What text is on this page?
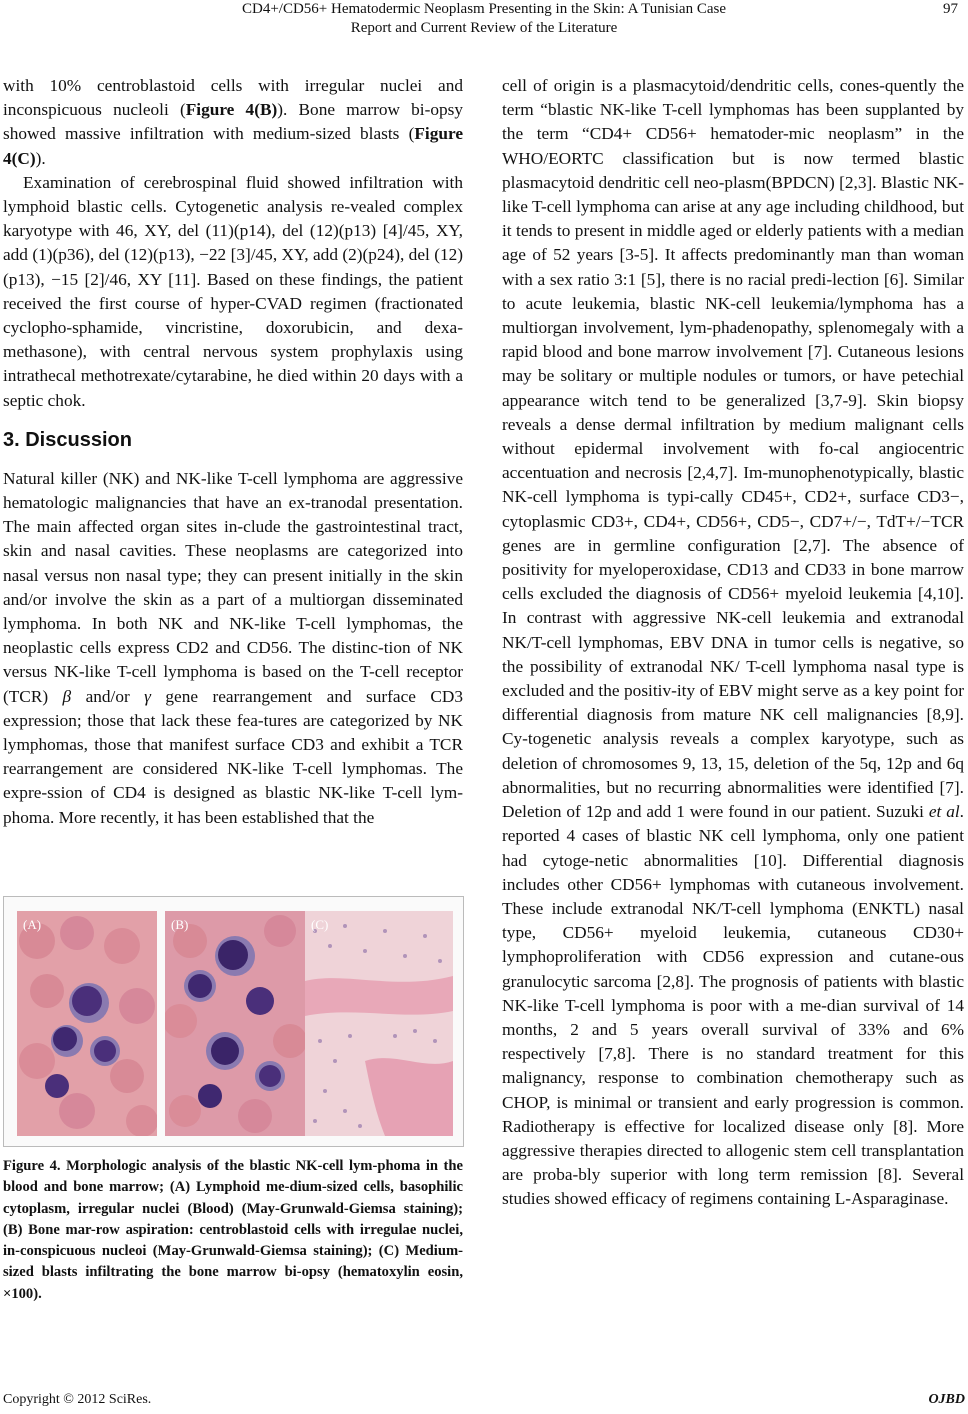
CD4+/CD56+ Hematodermic Neoplasm Presenting in the Skin: A Tunisian Case
Report and Current Review of the Literature
97

with 10% centroblastoid cells with irregular nuclei and inconspicuous nucleoli (Figure 4(B)). Bone marrow bi-opsy showed massive infiltration with medium-sized blasts (Figure 4(C)).

Examination of cerebrospinal fluid showed infiltration with lymphoid blastic cells. Cytogenetic analysis re-vealed complex karyotype with 46, XY, del (11)(p14), del (12)(p13) [4]/45, XY, add (1)(p36), del (12)(p13), −22 [3]/45, XY, add (2)(p24), del (12)(p13), −15 [2]/46, XY [11]. Based on these findings, the patient received the first course of hyper-CVAD regimen (fractionated cyclopho-sphamide, vincristine, doxorubicin, and dexa-methasone), with central nervous system prophylaxis using intrathecal methotrexate/cytarabine, he died within 20 days with a septic chok.

3. Discussion

Natural killer (NK) and NK-like T-cell lymphoma are aggressive hematologic malignancies that have an ex-tranodal presentation. The main affected organ sites in-clude the gastrointestinal tract, skin and nasal cavities. These neoplasms are categorized into nasal versus non nasal type; they can present initially in the skin and/or involve the skin as a part of a multiorgan disseminated lymphoma. In both NK and NK-like T-cell lymphomas, the neoplastic cells express CD2 and CD56. The distinc-tion of NK versus NK-like T-cell lymphoma is based on the T-cell receptor (TCR) β and/or γ gene rearrangement and surface CD3 expression; those that lack these fea-tures are categorized by NK lymphomas, those that manifest surface CD3 and exhibit a TCR rearrangement are considered NK-like T-cell lymphomas. The expre-ssion of CD4 is designed as blastic NK-like T-cell lym-phoma. More recently, it has been established that the

(A)	(B)	(C)
Figure 4. Morphologic analysis of the blastic NK-cell lym-phoma in the blood and bone marrow; (A) Lymphoid me-dium-sized cells, basophilic cytoplasm, irregular nuclei (Blood) (May-Grunwald-Giemsa staining); (B) Bone mar-row aspiration: centroblastoid cells with irregulae nuclei, in-conspicuous nucleoi (May-Grunwald-Giemsa staining); (C) Medium-sized blasts infiltrating the bone marrow bi-opsy (hematoxylin eosin, ×100).

cell of origin is a plasmacytoid/dendritic cells, cones-quently the term “blastic NK-like T-cell lymphomas has been supplanted by the term “CD4+ CD56+ hematoder-mic neoplasm” in the WHO/EORTC classification but is now termed blastic plasmacytoid dendritic cell neo-plasm(BPDCN) [2,3]. Blastic NK-like T-cell lymphoma can arise at any age including childhood, but it tends to present in middle aged or elderly patients with a median age of 52 years [3-5]. It affects predominantly man than woman with a sex ratio 3:1 [5], there is no racial predi-lection [6]. Similar to acute leukemia, blastic NK-cell leukemia/lymphoma has a multiorgan involvement, lym-phadenopathy, splenomegaly with a rapid blood and bone marrow involvement [7]. Cutaneous lesions may be solitary or multiple nodules or tumors, or have petechial appearance witch tend to be generalized [3,7-9]. Skin biopsy reveals a dense dermal infiltration by medium malignant cells without epidermal involvement with fo-cal angiocentric accentuation and necrosis [2,4,7]. Im-munophenotypically, blastic NK-cell lymphoma is typi-cally CD45+, CD2+, surface CD3−, cytoplasmic CD3+, CD4+, CD56+, CD5−, CD7+/−, TdT+/−TCR genes are in germline configuration [2,7]. The absence of positivity for myeloperoxidase, CD13 and CD33 in bone marrow cells excluded the diagnosis of CD56+ myeloid leukemia [4,10]. In contrast with aggressive NK-cell leukemia and extranodal NK/T-cell lymphomas, EBV DNA in tumor cells is negative, so the possibility of extranodal NK/ T-cell lymphoma nasal type is excluded and the positiv-ity of EBV might serve as a key point for differential diagnosis from mature NK cell malignancies [8,9]. Cy-togenetic analysis reveals a complex karyotype, such as deletion of chromosomes 9, 13, 15, deletion of the 5q, 12p and 6q abnormalities, but no recurring abnormalities were identified [7]. Deletion of 12p and add 1 were found in our patient. Suzuki et al. reported 4 cases of blastic NK cell lymphoma, only one patient had cytoge-netic abnormalities [10]. Differential diagnosis includes other CD56+ lymphomas with cutaneous involvement. These include extranodal NK/T-cell lymphoma (ENKTL) nasal type, CD56+ myeloid leukemia, cutaneous CD30+ lymphoproliferation with CD56 expression and cutane-ous granulocytic sarcoma [2,8]. The prognosis of patients with blastic NK-like T-cell lymphoma is poor with a me-dian survival of 14 months, 2 and 5 years overall survival of 33% and 6% respectively [7,8]. There is no standard treatment for this malignancy, response to combination chemotherapy such as CHOP, is minimal or transient and early progression is common. Radiotherapy is effective for localized disease only [8]. More aggressive therapies directed to allogenic stem cell transplantation are proba-bly superior with long term remission [8]. Several studies showed efficacy of regimens containing L-Asparaginase.

Copyright © 2012 SciRes.	OJBD
